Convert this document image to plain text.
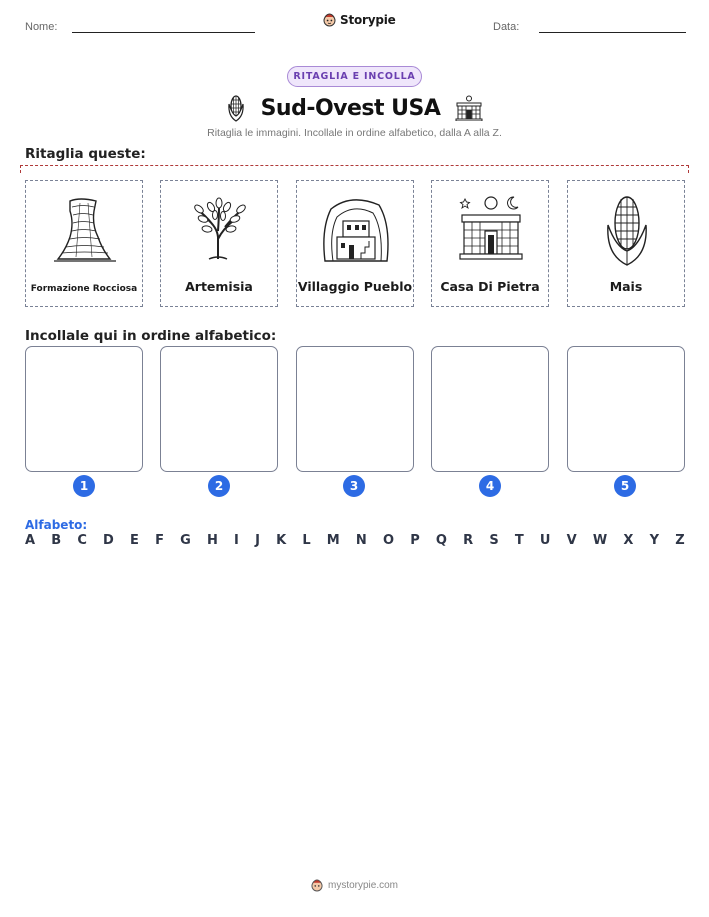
Nome:
Storypie
Data:
RITAGLIA E INCOLLA
Sud-Ovest USA
Ritaglia le immagini. Incollale in ordine alfabetico, dalla A alla Z.
Ritaglia queste:
Formazione Rocciosa	Artemisia	Villaggio Pueblo	Casa Di Pietra	Mais
Incollale qui in ordine alfabetico:
1	2	3	4	5
Alfabeto:
A B C D E F G H I J K L M N O P Q R S T U V W X Y Z
mystorypie.com
